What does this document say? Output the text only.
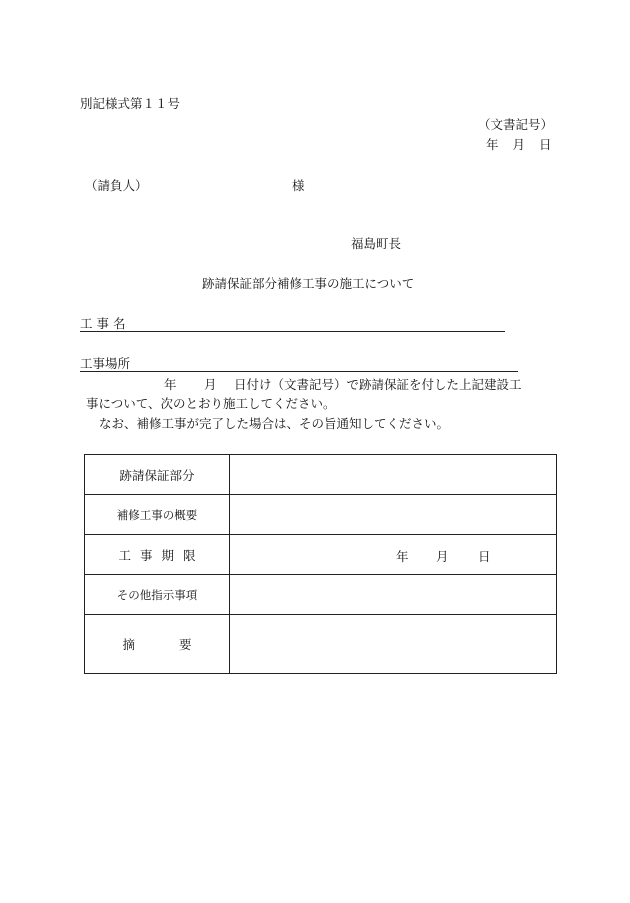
別記様式第１１号
（文書記号）
年 月 日
（請負人）	様
福島町長
跡請保証部分補修工事の施工について
工 事 名
工事場所
年 月 日付け（文書記号）で跡請保証を付した上記建設工
事について、次のとおり施工してください。
なお、補修工事が完了した場合は、その旨通知してください。
跡請保証部分	
補修工事の概要	
工事期限	年 月 日

その他指示事項	
摘 要	
